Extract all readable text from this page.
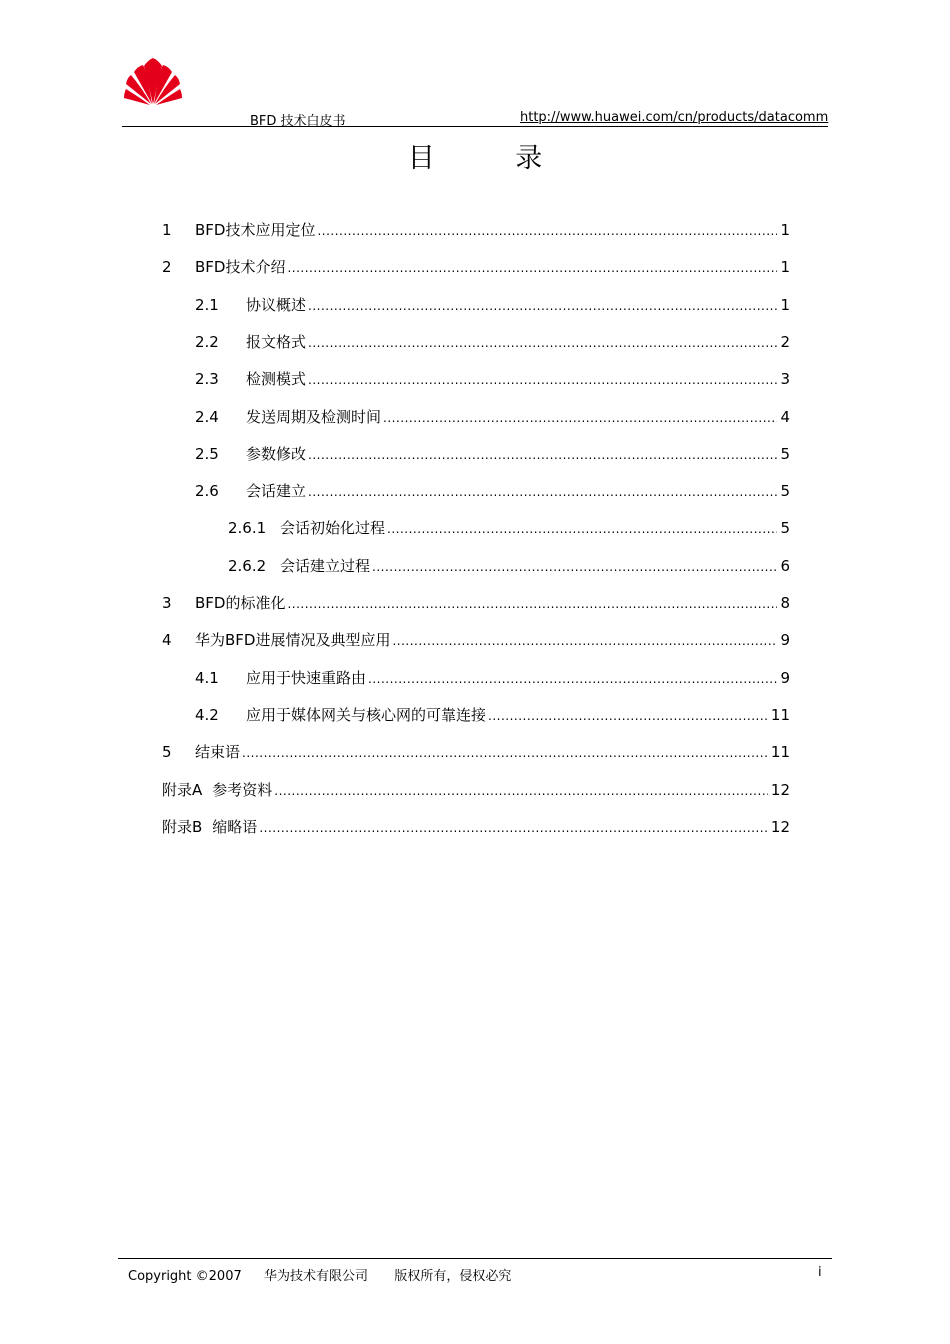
BFD 技术白皮书	http://www.huawei.com/cn/products/datacomm
目 录
1	BFD技术应用定位 .....	1
2	BFD技术介绍 .....	1
2.1	协议概述 .....	1
2.2	报文格式 .....	2
2.3	检测模式 .....	3
2.4	发送周期及检测时间 .....	4
2.5	参数修改 .....	5
2.6	会话建立 .....	5
2.6.1 会话初始化过程 .....	5
2.6.2 会话建立过程 .....	6
3	BFD的标准化 .....	8
4	华为BFD进展情况及典型应用 .....	9
4.1	应用于快速重路由 .....	9
4.2	应用于媒体网关与核心网的可靠连接 .....	11
5	结束语 .....	11
附录A 参考资料 .....	12
附录B 缩略语 .....	12
Copyright ©2007 华为技术有限公司 版权所有，侵权必究	i
